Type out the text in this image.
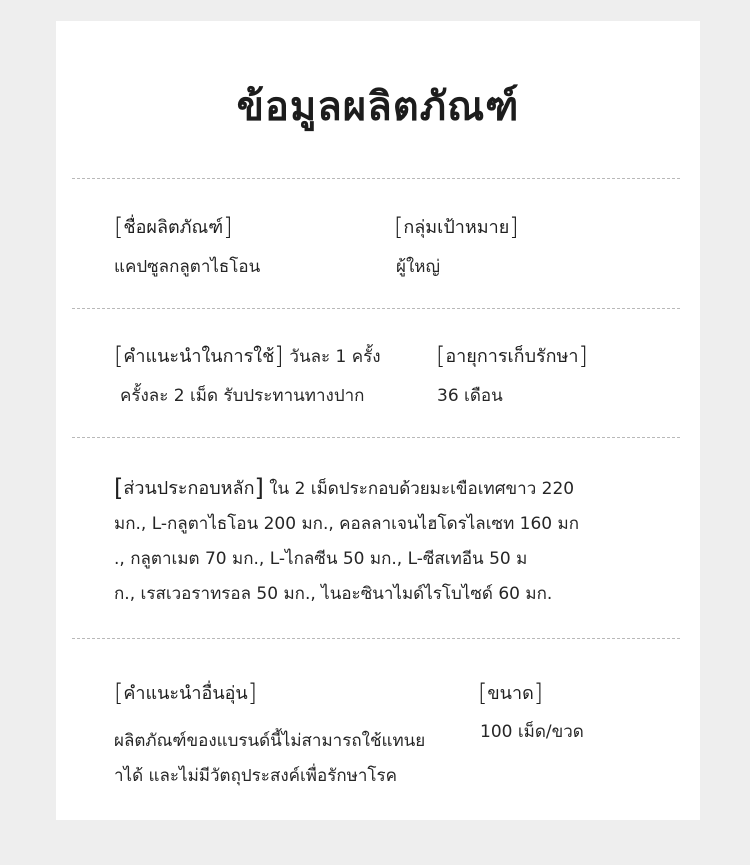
ข้อมูลผลิตภัณฑ์
[ชื่อผลิตภัณฑ์]
แคปซูลกลูตาไธโอน
[กลุ่มเป้าหมาย]
ผู้ใหญ่
[คำแนะนำในการใช้] วันละ 1 ครั้ง
ครั้งละ 2 เม็ด รับประทานทางปาก
[อายุการเก็บรักษา]
36 เดือน
[ส่วนประกอบหลัก] ใน 2 เม็ดประกอบด้วยมะเขือเทศขาว 220
มก., L-กลูตาไธโอน 200 มก., คอลลาเจนไฮโดรไลเซท 160 มก
., กลูตาเมต 70 มก., L-ไกลซีน 50 มก., L-ซีสเทอีน 50 ม
ก., เรสเวอราทรอล 50 มก., ไนอะซินาไมด์ไรโบไซด์ 60 มก.
[คำแนะนำอื่นอุ่น]
ผลิตภัณฑ์ของแบรนด์นี้ไม่สามารถใช้แทนย
าได้ และไม่มีวัตถุประสงค์เพื่อรักษาโรค
[ขนาด]
100 เม็ด/ขวด
